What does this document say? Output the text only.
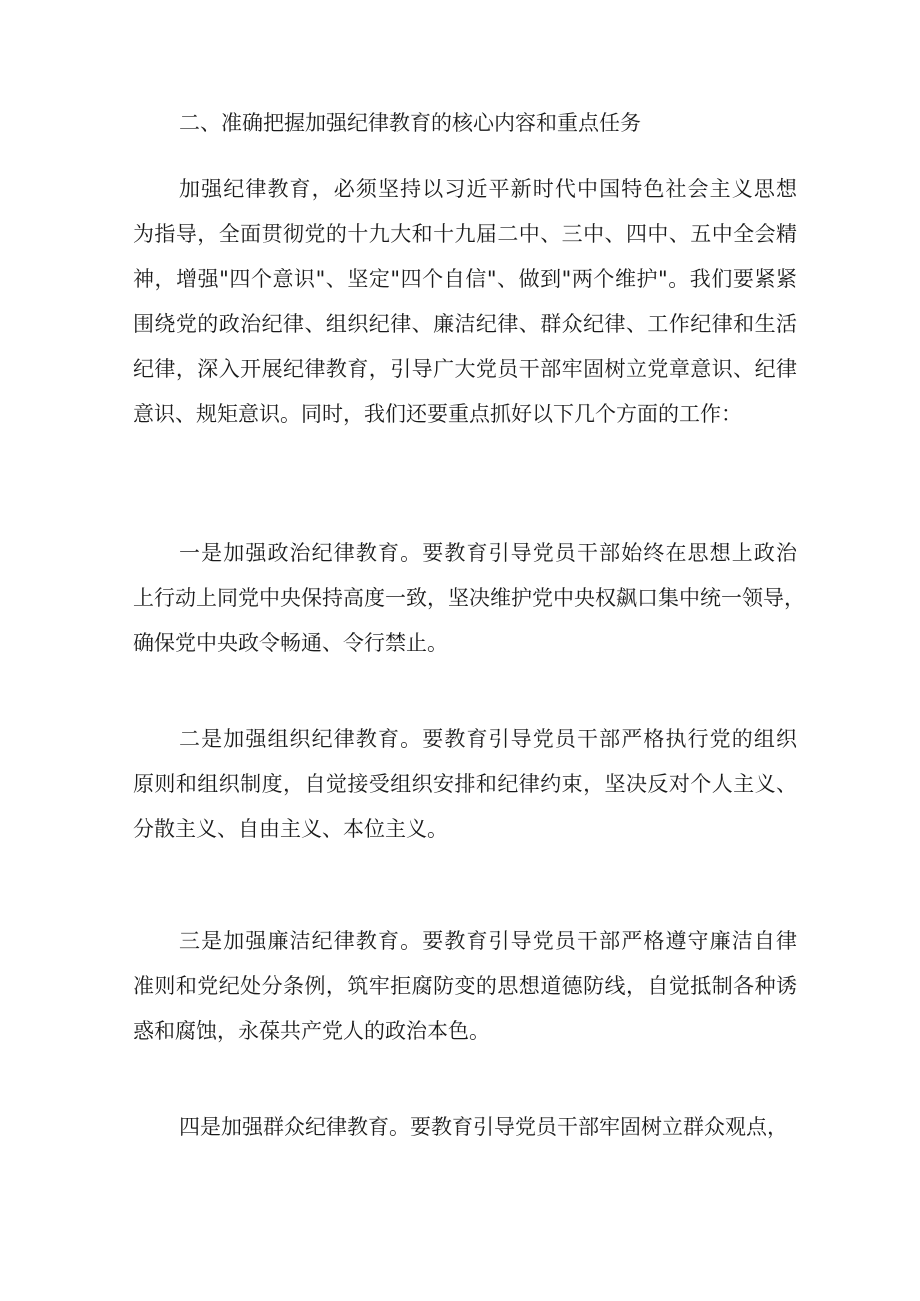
二、准确把握加强纪律教育的核心内容和重点任务
加强纪律教育，必须坚持以习近平新时代中国特色社会主义思想
为指导，全面贯彻党的十九大和十九届二中、三中、四中、五中全会精
神，增强"四个意识"、坚定"四个自信"、做到"两个维护"。我们要紧紧
围绕党的政治纪律、组织纪律、廉洁纪律、群众纪律、工作纪律和生活
纪律，深入开展纪律教育，引导广大党员干部牢固树立党章意识、纪律
意识、规矩意识。同时，我们还要重点抓好以下几个方面的工作：
一是加强政治纪律教育。要教育引导党员干部始终在思想上政治
上行动上同党中央保持高度一致，坚决维护党中央权飙口集中统一领导，
确保党中央政令畅通、令行禁止。
二是加强组织纪律教育。要教育引导党员干部严格执行党的组织
原则和组织制度，自觉接受组织安排和纪律约束，坚决反对个人主义、
分散主义、自由主义、本位主义。
三是加强廉洁纪律教育。要教育引导党员干部严格遵守廉洁自律
准则和党纪处分条例，筑牢拒腐防变的思想道德防线，自觉抵制各种诱
惑和腐蚀，永葆共产党人的政治本色。
四是加强群众纪律教育。要教育引导党员干部牢固树立群众观点，
